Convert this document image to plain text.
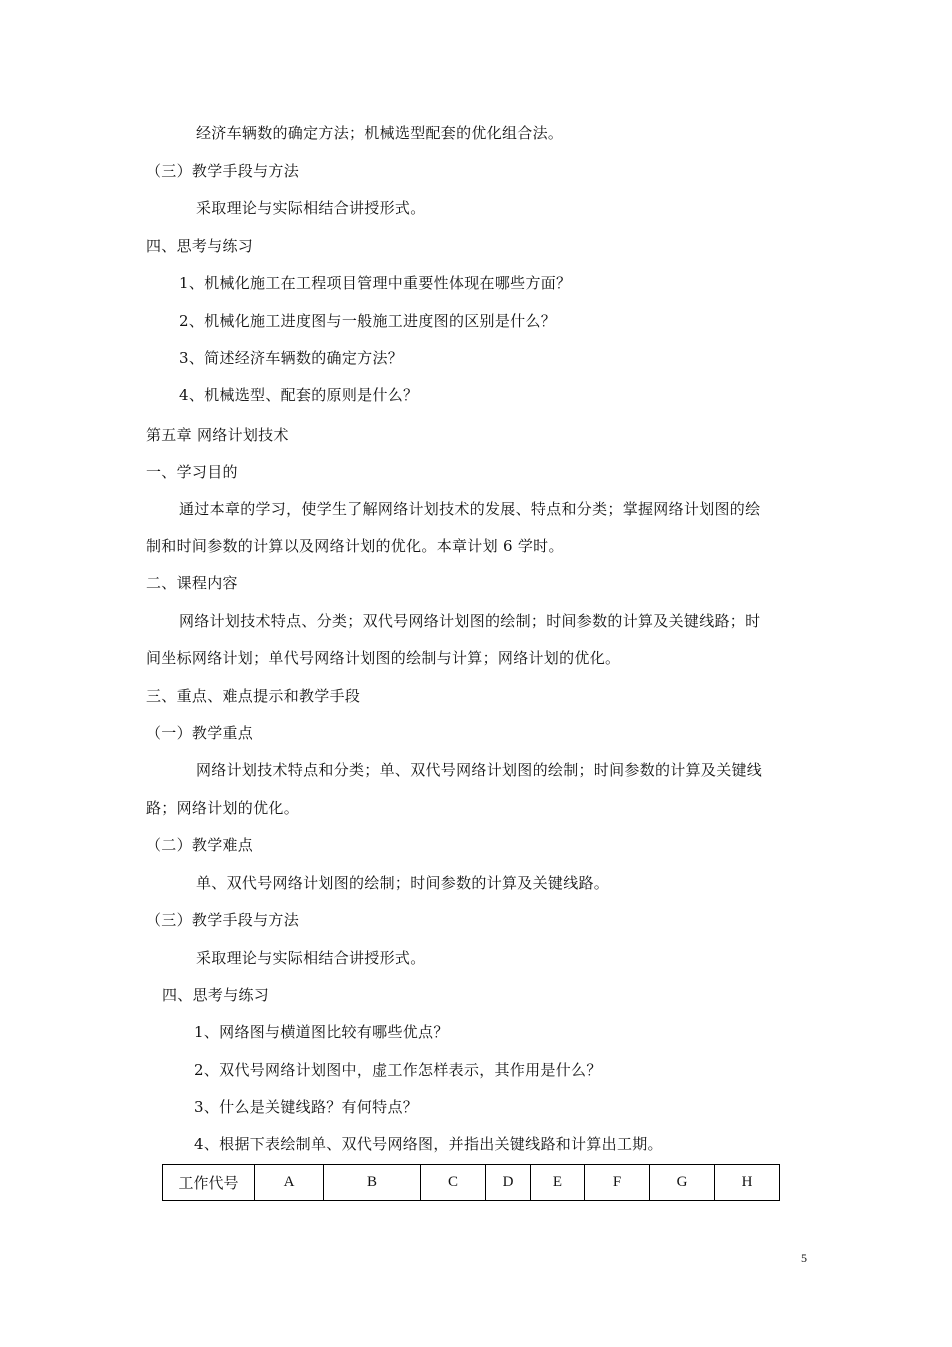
经济车辆数的确定方法；机械选型配套的优化组合法。
（三）教学手段与方法
采取理论与实际相结合讲授形式。
四、思考与练习
1、机械化施工在工程项目管理中重要性体现在哪些方面？
2、机械化施工进度图与一般施工进度图的区别是什么？
3、简述经济车辆数的确定方法？
4、机械选型、配套的原则是什么？
第五章 网络计划技术
一、学习目的
通过本章的学习，使学生了解网络计划技术的发展、特点和分类；掌握网络计划图的绘
制和时间参数的计算以及网络计划的优化。本章计划 6 学时。
二、课程内容
网络计划技术特点、分类；双代号网络计划图的绘制；时间参数的计算及关键线路；时
间坐标网络计划；单代号网络计划图的绘制与计算；网络计划的优化。
三、重点、难点提示和教学手段
（一）教学重点
网络计划技术特点和分类；单、双代号网络计划图的绘制；时间参数的计算及关键线
路；网络计划的优化。
（二）教学难点
单、双代号网络计划图的绘制；时间参数的计算及关键线路。
（三）教学手段与方法
采取理论与实际相结合讲授形式。
四、思考与练习
1、网络图与横道图比较有哪些优点？
2、双代号网络计划图中，虚工作怎样表示，其作用是什么？
3、什么是关键线路？有何特点？
4、根据下表绘制单、双代号网络图，并指出关键线路和计算出工期。
工作代号	A	B	C	D	E	F	G	H
5
